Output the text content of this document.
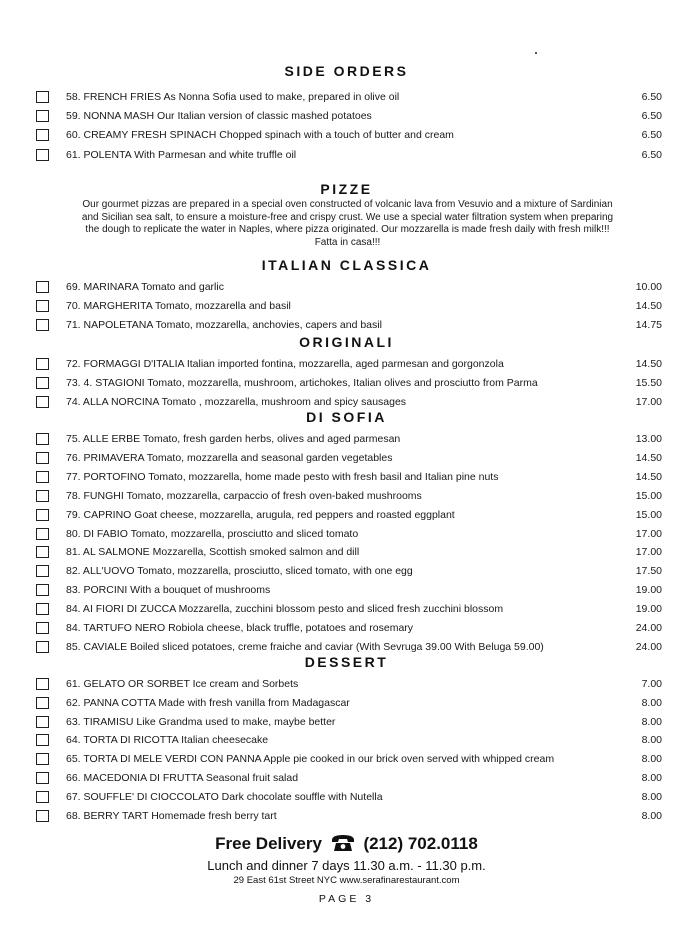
SIDE ORDERS
58. FRENCH FRIES As Nonna Sofia used to make, prepared in olive oil	6.50
59. NONNA MASH Our Italian version of classic mashed potatoes	6.50
60. CREAMY FRESH SPINACH Chopped spinach with a touch of butter and cream	6.50
61. POLENTA With Parmesan and white truffle oil	6.50
PIZZE
Our gourmet pizzas are prepared in a special oven constructed of volcanic lava from Vesuvio and a mixture of Sardinian and Sicilian sea salt, to ensure a moisture-free and crispy crust. We use a special water filtration system when preparing the dough to replicate the water in Naples, where pizza originated. Our mozzarella is made fresh daily with fresh milk!!! Fatta in casa!!!
ITALIAN CLASSICA
69. MARINARA Tomato and garlic	10.00
70. MARGHERITA Tomato, mozzarella and basil	14.50
71. NAPOLETANA Tomato, mozzarella, anchovies, capers and basil	14.75
ORIGINALI
72. FORMAGGI D'ITALIA Italian imported fontina, mozzarella, aged parmesan and gorgonzola	14.50
73. 4. STAGIONI Tomato, mozzarella, mushroom, artichokes, Italian olives and prosciutto from Parma	15.50
74. ALLA NORCINA Tomato , mozzarella, mushroom and spicy sausages	17.00
DI SOFIA
75. ALLE ERBE Tomato, fresh garden herbs, olives and aged parmesan	13.00
76. PRIMAVERA Tomato, mozzarella and seasonal garden vegetables	14.50
77. PORTOFINO Tomato, mozzarella, home made pesto with fresh basil and Italian pine nuts	14.50
78. FUNGHI Tomato, mozzarella, carpaccio of fresh oven-baked mushrooms	15.00
79. CAPRINO Goat cheese, mozzarella, arugula, red peppers and roasted eggplant	15.00
80. DI FABIO Tomato, mozzarella, prosciutto and sliced tomato	17.00
81. AL SALMONE Mozzarella, Scottish smoked salmon and dill	17.00
82. ALL'UOVO Tomato, mozzarella, prosciutto, sliced tomato, with one egg	17.50
83. PORCINI With a bouquet of mushrooms	19.00
84. AI FIORI DI ZUCCA Mozzarella, zucchini blossom pesto and sliced fresh zucchini blossom	19.00
84. TARTUFO NERO Robiola cheese, black truffle, potatoes and rosemary	24.00
85. CAVIALE Boiled sliced potatoes, creme fraiche and caviar (With Sevruga 39.00 With Beluga 59.00)	24.00
DESSERT
61. GELATO OR SORBET Ice cream and Sorbets	7.00
62. PANNA COTTA Made with fresh vanilla from Madagascar	8.00
63. TIRAMISU Like Grandma used to make, maybe better	8.00
64. TORTA DI RICOTTA Italian cheesecake	8.00
65. TORTA DI MELE VERDI CON PANNA Apple pie cooked in our brick oven served with whipped cream	8.00
66. MACEDONIA DI FRUTTA Seasonal fruit salad	8.00
67. SOUFFLE' DI CIOCCOLATO Dark chocolate souffle with Nutella	8.00
68. BERRY TART Homemade fresh berry tart	8.00
Free Delivery (212) 702.0118
Lunch and dinner 7 days 11.30 a.m. - 11.30 p.m.
29 East 61st Street NYC www.serafinarestaurant.com
PAGE 3
